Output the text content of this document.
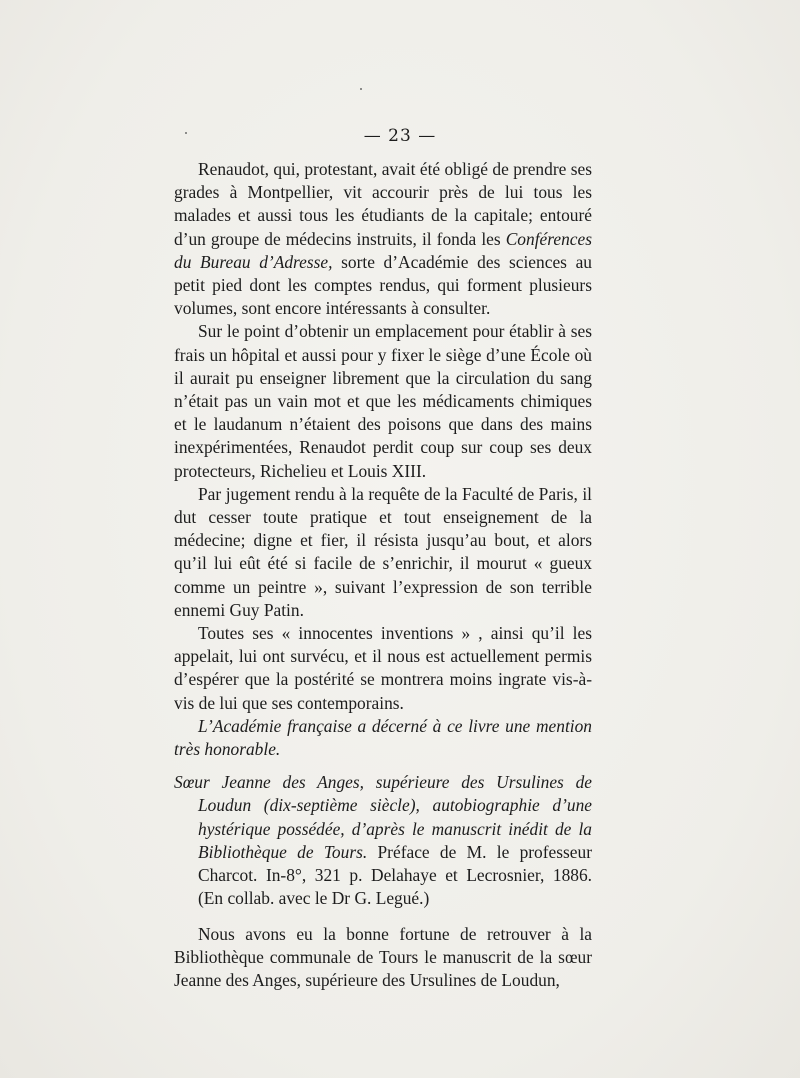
— 23 —

Renaudot, qui, protestant, avait été obligé de prendre ses grades à Montpellier, vit accourir près de lui tous les malades et aussi tous les étudiants de la capitale; entouré d’un groupe de médecins instruits, il fonda les Conférences du Bureau d’Adresse, sorte d’Académie des sciences au petit pied dont les comptes rendus, qui forment plusieurs volumes, sont encore intéressants à consulter.

Sur le point d’obtenir un emplacement pour établir à ses frais un hôpital et aussi pour y fixer le siège d’une École où il aurait pu enseigner librement que la circulation du sang n’était pas un vain mot et que les médicaments chimiques et le laudanum n’étaient des poisons que dans des mains inexpérimentées, Renaudot perdit coup sur coup ses deux protecteurs, Richelieu et Louis XIII.

Par jugement rendu à la requête de la Faculté de Paris, il dut cesser toute pratique et tout enseignement de la médecine; digne et fier, il résista jusqu’au bout, et alors qu’il lui eût été si facile de s’enrichir, il mourut « gueux comme un peintre », suivant l’expression de son terrible ennemi Guy Patin.

Toutes ses « innocentes inventions » , ainsi qu’il les appelait, lui ont survécu, et il nous est actuellement permis d’espérer que la postérité se montrera moins ingrate vis-à-vis de lui que ses contemporains.

L’Académie française a décerné à ce livre une mention très honorable.

Sœur Jeanne des Anges, supérieure des Ursulines de Loudun (dix-septième siècle), autobiographie d’une hystérique possédée, d’après le manuscrit inédit de la Bibliothèque de Tours. Préface de M. le professeur Charcot. In-8°, 321 p. Delahaye et Lecrosnier, 1886. (En collab. avec le Dr G. Legué.)

Nous avons eu la bonne fortune de retrouver à la Bibliothèque communale de Tours le manuscrit de la sœur Jeanne des Anges, supérieure des Ursulines de Loudun,
